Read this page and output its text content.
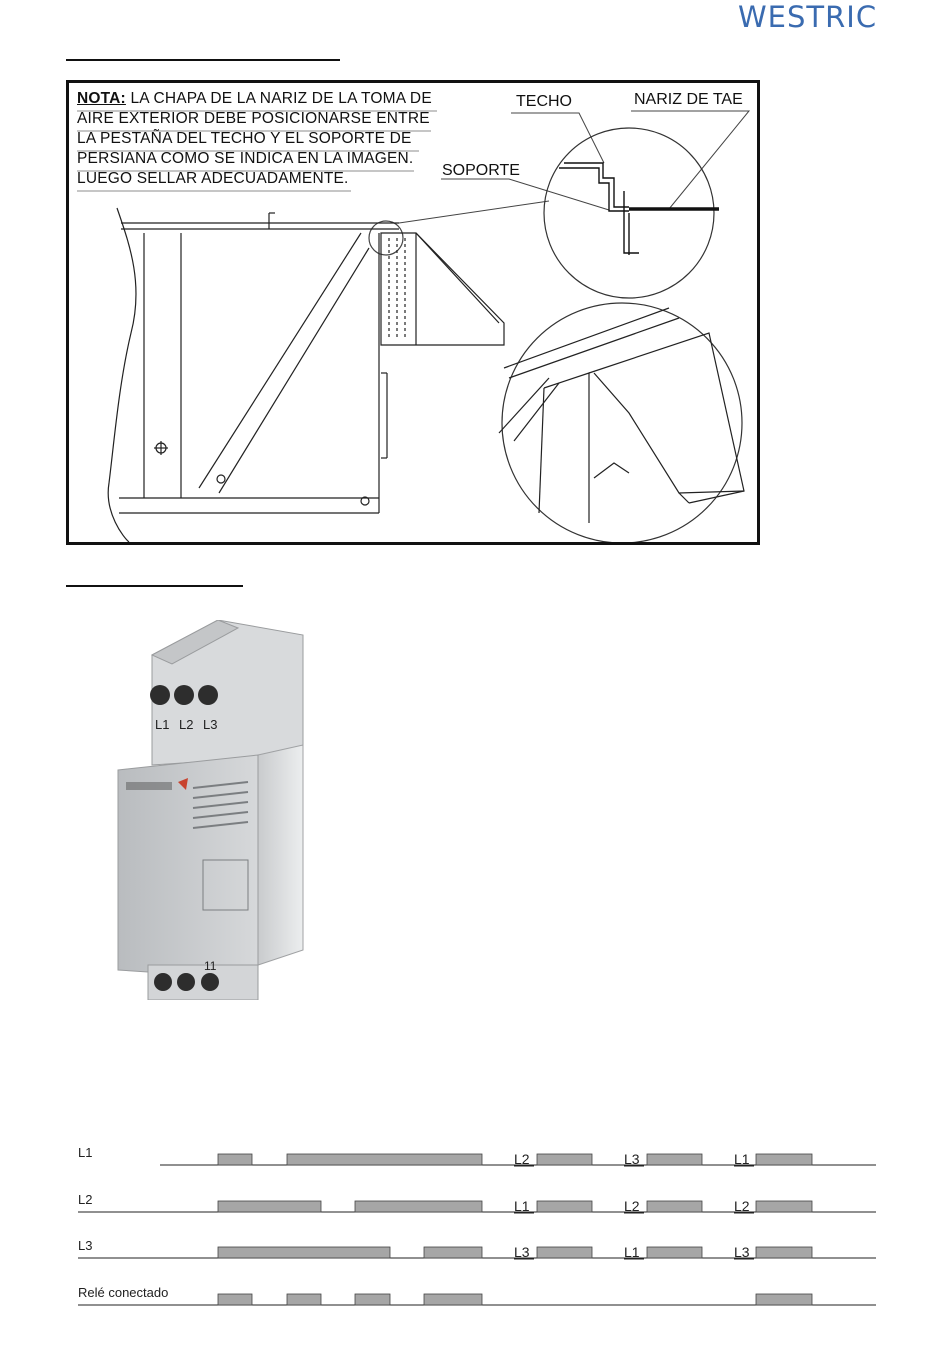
WESTRIC
NOTA: LA CHAPA DE LA NARIZ DE LA TOMA DE
AIRE EXTERIOR DEBE POSICIONARSE ENTRE
LA PESTAÑA DEL TECHO Y EL SOPORTE DE
PERSIANA COMO SE INDICA EN LA IMAGEN.
LUEGO SELLAR ADECUADAMENTE.
TECHO	NARIZ DE TAE
SOPORTE
L1 L2 L3
11
L1	L2	L3	L1
L2	L1	L2	L2
L3	L3	L1	L3
Relé conectado
